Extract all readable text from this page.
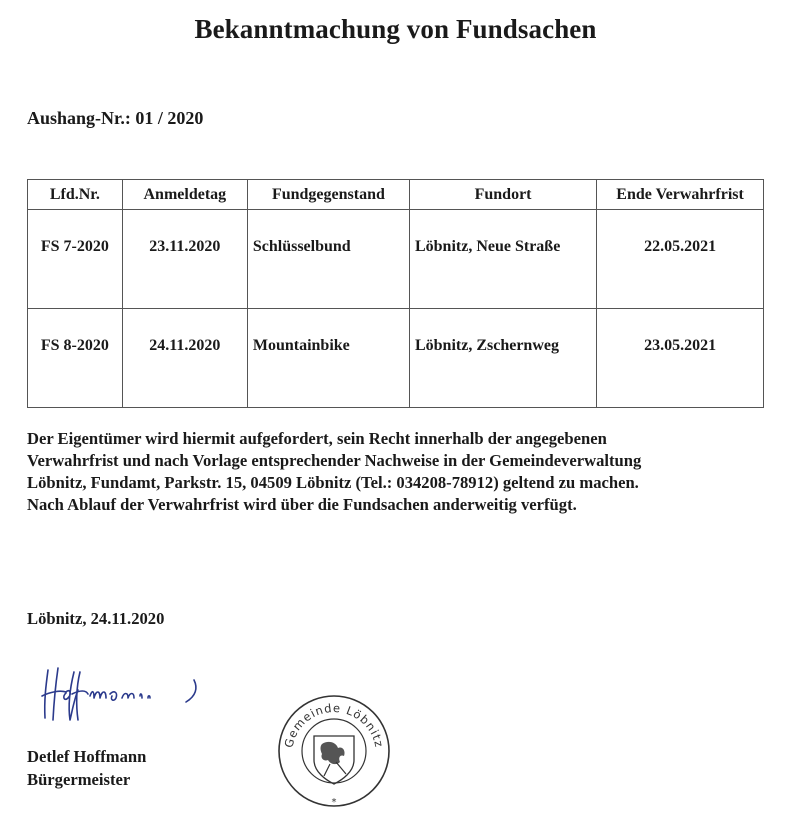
Bekanntmachung von Fundsachen
Aushang-Nr.: 01 / 2020
Lfd.Nr.	Anmeldetag	Fundgegenstand	Fundort	Ende Verwahrfrist
FS 7-2020	23.11.2020	Schlüsselbund	Löbnitz, Neue Straße	22.05.2021
FS 8-2020	24.11.2020	Mountainbike	Löbnitz, Zschernweg	23.05.2021
Der Eigentümer wird hiermit aufgefordert, sein Recht innerhalb der angegebenen
Verwahrfrist und nach Vorlage entsprechender Nachweise in der Gemeindeverwaltung
Löbnitz, Fundamt, Parkstr. 15, 04509 Löbnitz (Tel.: 034208-78912) geltend zu machen.
Nach Ablauf der Verwahrfrist wird über die Fundsachen anderweitig verfügt.
Löbnitz, 24.11.2020
Detlef Hoffmann
Bürgermeister
Gemeinde Löbnitz
*
